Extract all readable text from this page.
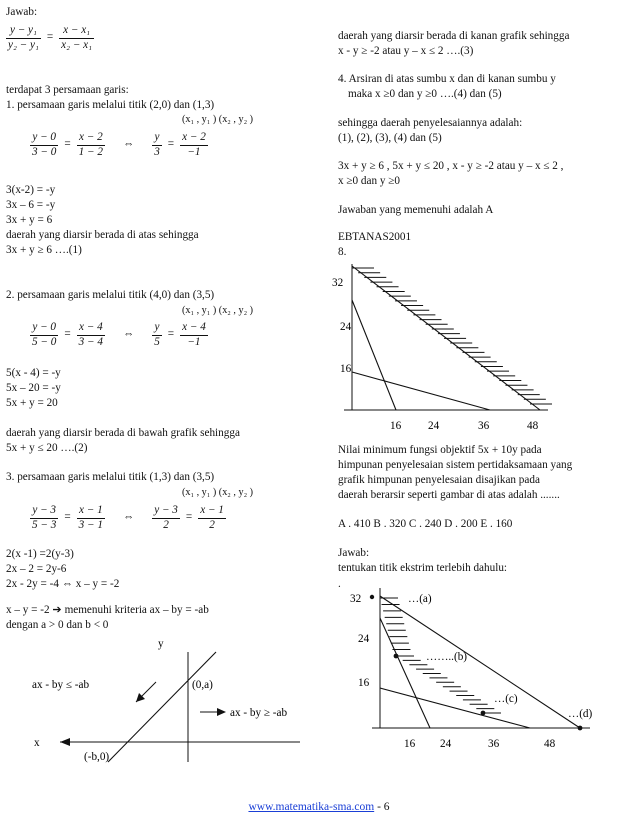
Jawab:
$\frac{\text{y − y₁}}{\text{y₂ − y₁}} = \frac{\text{x − x₁}}{\text{x₂ − x₁}}$
terdapat 3 persamaan garis:
1. persamaan garis melalui titik (2,0) dan (1,3)
(x₁ , y₁ ) (x₂ , y₂ )
$\frac{y - 0}{3 - 0} = \frac{x - 2}{1 - 2}$	⇔	$\frac{y}{3} = \frac{x - 2}{-1}$
3(x-2) = -y
3x – 6 = -y
3x + y = 6
daerah yang diarsir berada di atas sehingga
3x + y ≥ 6 ….(1)
2. persamaan garis melalui titik (4,0) dan (3,5)
(x₁ , y₁ ) (x₂ , y₂ )
$\frac{y - 0}{5 - 0} = \frac{x - 4}{3 - 4}$	⇔	$\frac{y}{5} = \frac{x - 4}{-1}$
5(x - 4) = -y
5x – 20 = -y
5x + y = 20
daerah yang diarsir berada di bawah grafik sehingga
5x + y ≤ 20 ….(2)
3. persamaan garis melalui titik (1,3) dan (3,5)
(x₁ , y₁ ) (x₂ , y₂ )
$\frac{y - 3}{5 - 3} = \frac{x - 1}{3 - 1}$	⇔	$\frac{y - 3}{2} = \frac{x - 1}{2}$
2(x -1) =2(y-3)
2x – 2 = 2y-6
2x - 2y = -4 ⇔ x – y = -2
x – y = -2 ➔ memenuhi kriteria ax – by = -ab
dengan a > 0 dan b < 0
y
x
ax - by ≤ -ab
ax - by ≥ -ab
(0,a)
(-b,0)
daerah yang diarsir berada di kanan grafik sehingga
x - y ≥ -2 atau y – x ≤ 2 ….(3)
4. Arsiran di atas sumbu x dan di kanan sumbu y
maka x ≥0 dan y ≥0 ….(4) dan (5)
sehingga daerah penyelesaiannya adalah:
(1), (2), (3), (4) dan (5)
3x + y ≥ 6 , 5x + y ≤ 20 , x - y ≥ -2 atau y – x ≤ 2 ,
x ≥0 dan y ≥0
Jawaban yang memenuhi adalah A
EBTANAS2001
8.
Nilai minimum fungsi objektif 5x + 10y pada
himpunan penyelesaian sistem pertidaksamaan yang
grafik himpunan penyelesaian disajikan pada
daerah berarsir seperti gambar di atas adalah .......
A . 410 B . 320 C . 240 D . 200 E . 160
Jawab:
tentukan titik ekstrim terlebih dahulu:
.
32
24
16
16 24	36	48
32
24
16
16 24	36	48
…(a)
……..(b)
…(c)
…(d)
www.matematika-sma.com - 6
